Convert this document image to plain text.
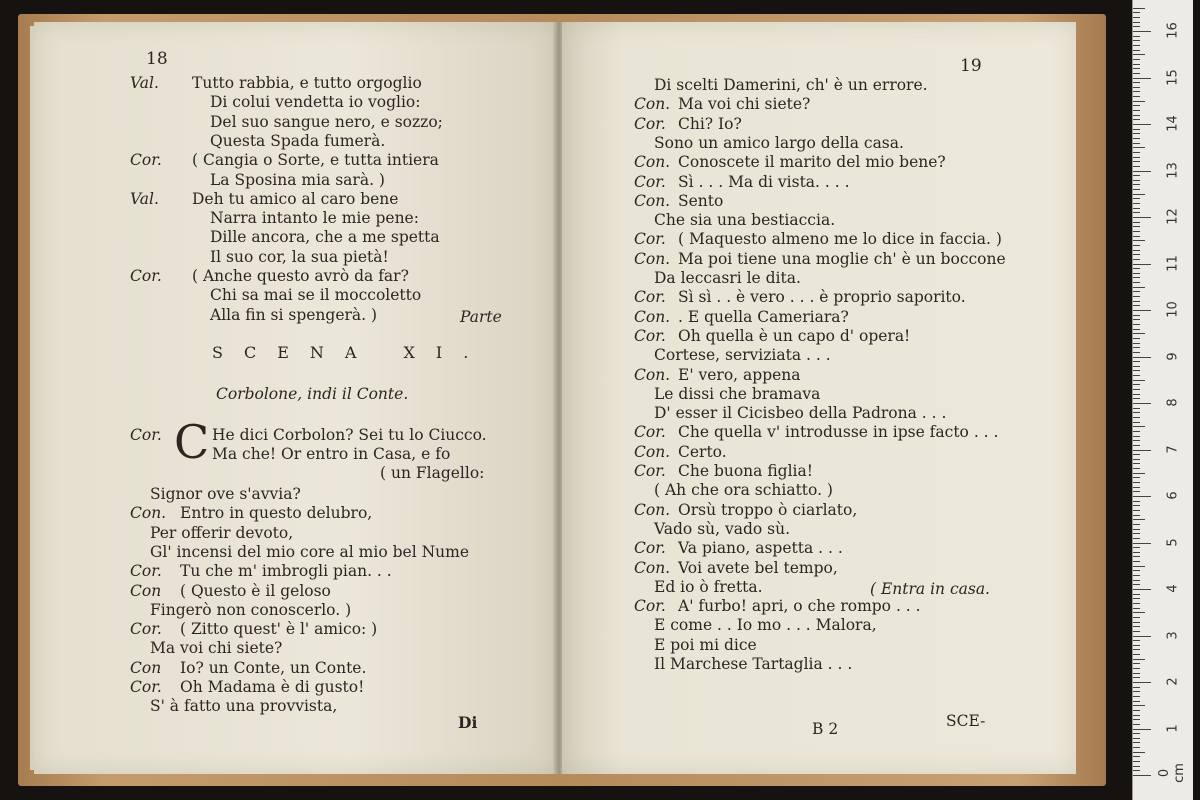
18
Val. Tutto rabbia, e tutto orgoglio
Di colui vendetta io voglio:
Del suo sangue nero, e sozzo;
Questa Spada fumerà.
Cor. ( Cangia o Sorte, e tutta intiera
La Sposina mia sarà. )
Val. Deh tu amico al caro bene
Narra intanto le mie pene:
Dille ancora, che a me spetta
Il suo cor, la sua pietà!
Cor. ( Anche questo avrò da far?
Chi sa mai se il moccoletto
Alla fin si spengerà. )	Parte
SCENA XI.
Corbolone, indi il Conte.
Cor. C He dici Corbolon? Sei tu lo Ciucco.
Ma che! Or entro in Casa, e fo
( un Flagello:
Signor ove s'avvia?
Con. Entro in questo delubro,
Per offerir devoto,
Gl' incensi del mio core al mio bel Nume
Cor. Tu che m' imbrogli pian. . .
Con ( Questo è il geloso
Fingerò non conoscerlo. )
Cor. ( Zitto quest' è l' amico: )
Ma voi chi siete?
Con Io? un Conte, un Conte.
Cor. Oh Madama è di gusto!
S' à fatto una provvista,
Di
19
Di scelti Damerini, ch' è un errore.
Con. Ma voi chi siete?
Cor. Chi? Io?
Sono un amico largo della casa.
Con. Conoscete il marito del mio bene?
Cor. Sì . . . Ma di vista. . . .
Con. Sento
Che sia una bestiaccia.
Cor. ( Maquesto almeno me lo dice in faccia. )
Con. Ma poi tiene una moglie ch' è un boccone
Da leccasri le dita.
Cor. Sì sì . . è vero . . . è proprio saporito.
Con. . E quella Cameriara?
Cor. Oh quella è un capo d' opera!
Cortese, serviziata . . .
Con. E' vero, appena
Le dissi che bramava
D' esser il Cicisbeo della Padrona . . .
Cor. Che quella v' introdusse in ipse facto . . .
Con. Certo.
Cor. Che buona figlia!
( Ah che ora schiatto. )
Con. Orsù troppo ò ciarlato,
Vado sù, vado sù.
Cor. Va piano, aspetta . . .
Con. Voi avete bel tempo,
Ed io ò fretta.
Cor. A' furbo! apri, o che rompo . . .
E come . . Io mo . . . Malora,
E poi mi dice
Il Marchese Tartaglia . . .
( Entra in casa.
B 2	SCE-	1
2
3
4
5
6
7
8
9
10
11
12
13
14
15
16
0 cm
